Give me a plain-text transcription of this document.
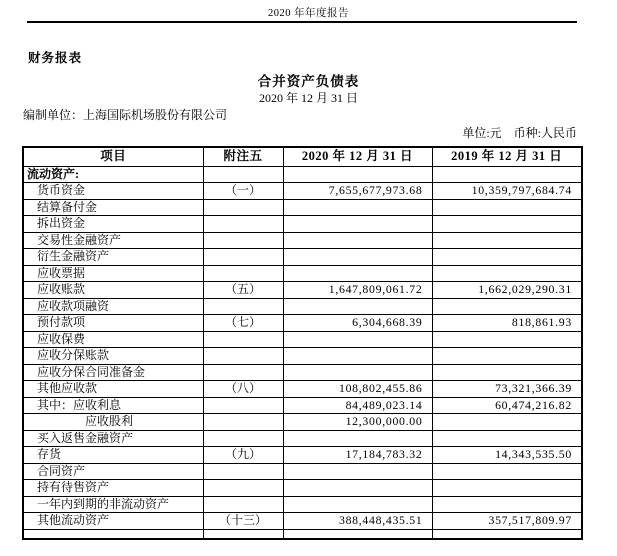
2020 年年度报告
财务报表
合并资产负债表
2020 年 12 月 31 日
编制单位：上海国际机场股份有限公司
单位:元　币种:人民币
项目	附注五	2020 年 12 月 31 日	2019 年 12 月 31 日
流动资产:			
货币资金	（一）	7,655,677,973.68	10,359,797,684.74
结算备付金			
拆出资金			
交易性金融资产			
衍生金融资产			
应收票据			
应收账款	（五）	1,647,809,061.72	1,662,029,290.31
应收款项融资			
预付款项	（七）	6,304,668.39	818,861.93
应收保费			
应收分保账款			
应收分保合同准备金			
其他应收款	（八）	108,802,455.86	73,321,366.39
其中：应收利息		84,489,023.14	60,474,216.82
应收股利		12,300,000.00	
买入返售金融资产			
存货	（九）	17,184,783.32	14,343,535.50
合同资产			
持有待售资产			
一年内到期的非流动资产			
其他流动资产	（十三）	388,448,435.51	357,517,809.97
